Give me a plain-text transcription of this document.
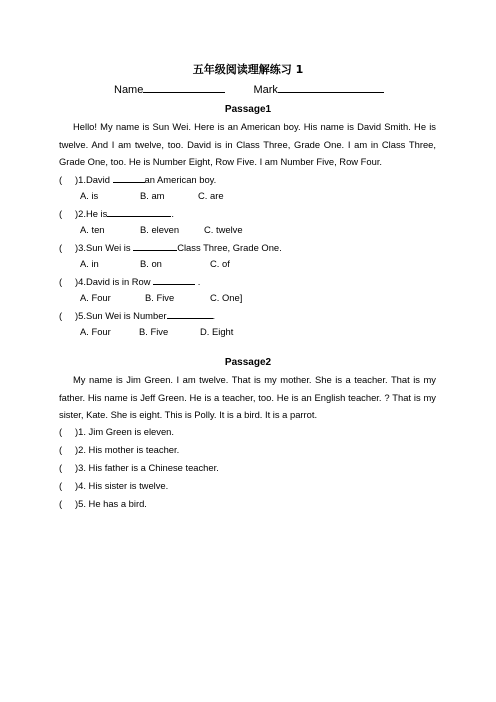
五年级阅读理解练习 1
Name	Mark
Passage1

Hello! My name is Sun Wei. Here is an American boy. His name is David Smith. He is twelve. And I am twelve, too. David is in Class Three, Grade One. I am in Class Three, Grade One, too. He is Number Eight, Row Five. I am Number Five, Row Four.

( )1.David	an American boy.
A. is	B. am	C. are
( )2.He is	.
A. ten	B. eleven	C. twelve
( )3.Sun Wei is	Class Three, Grade One.
A. in	B. on	C. of
( )4.David is in Row	.
A. Four	B. Five	C. One]
( )5.Sun Wei is Number	.
A. Four	B. Five	D. Eight
Passage2

My name is Jim Green. I am twelve. That is my mother. She is a teacher. That is my father. His name is Jeff Green. He is a teacher, too. He is an English teacher. ? That is my sister, Kate. She is eight. This is Polly. It is a bird. It is a parrot.

( )1. Jim Green is eleven.
( )2. His mother is teacher.
( )3. His father is a Chinese teacher.
( )4. His sister is twelve.
( )5. He has a bird.
